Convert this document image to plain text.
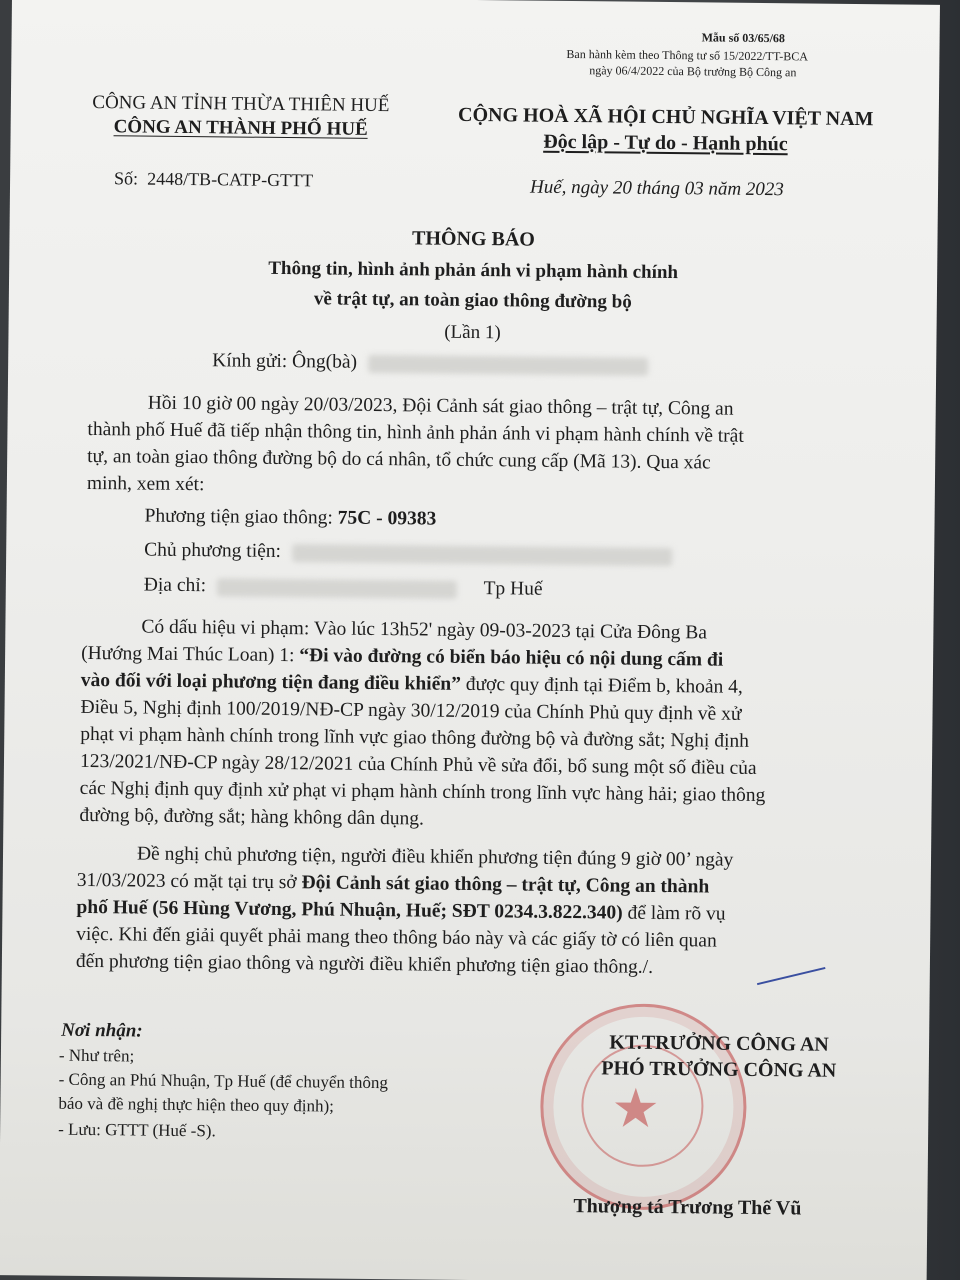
Mẫu số 03/65/68
Ban hành kèm theo Thông tư số 15/2022/TT-BCA
ngày 06/4/2022 của Bộ trưởng Bộ Công an
CÔNG AN TỈNH THỪA THIÊN HUẾ
CÔNG AN THÀNH PHỐ HUẾ
Số: 2448/TB-CATP-GTTT
CỘNG HOÀ XÃ HỘI CHỦ NGHĨA VIỆT NAM
Độc lập - Tự do - Hạnh phúc
Huế, ngày 20 tháng 03 năm 2023
THÔNG BÁO
Thông tin, hình ảnh phản ánh vi phạm hành chính
về trật tự, an toàn giao thông đường bộ
(Lần 1)
Kính gửi: Ông(bà)
Hồi 10 giờ 00 ngày 20/03/2023, Đội Cảnh sát giao thông – trật tự, Công an
thành phố Huế đã tiếp nhận thông tin, hình ảnh phản ánh vi phạm hành chính về trật
tự, an toàn giao thông đường bộ do cá nhân, tổ chức cung cấp (Mã 13). Qua xác
minh, xem xét:
Phương tiện giao thông: 75C - 09383
Chủ phương tiện:
Địa chỉ:	Tp Huế
Có dấu hiệu vi phạm: Vào lúc 13h52' ngày 09-03-2023 tại Cửa Đông Ba
(Hướng Mai Thúc Loan) 1: “Đi vào đường có biển báo hiệu có nội dung cấm đi
vào đối với loại phương tiện đang điều khiển” được quy định tại Điểm b, khoản 4,
Điều 5, Nghị định 100/2019/NĐ-CP ngày 30/12/2019 của Chính Phủ quy định về xử
phạt vi phạm hành chính trong lĩnh vực giao thông đường bộ và đường sắt; Nghị định
123/2021/NĐ-CP ngày 28/12/2021 của Chính Phủ về sửa đổi, bổ sung một số điều của
các Nghị định quy định xử phạt vi phạm hành chính trong lĩnh vực hàng hải; giao thông
đường bộ, đường sắt; hàng không dân dụng.
Đề nghị chủ phương tiện, người điều khiển phương tiện đúng 9 giờ 00’ ngày
31/03/2023 có mặt tại trụ sở Đội Cảnh sát giao thông – trật tự, Công an thành
phố Huế (56 Hùng Vương, Phú Nhuận, Huế; SĐT 0234.3.822.340) để làm rõ vụ
việc. Khi đến giải quyết phải mang theo thông báo này và các giấy tờ có liên quan
đến phương tiện giao thông và người điều khiển phương tiện giao thông./.
Nơi nhận:
- Như trên;
- Công an Phú Nhuận, Tp Huế (để chuyển thông
báo và đề nghị thực hiện theo quy định);
- Lưu: GTTT (Huế -S).	★
KT.TRƯỞNG CÔNG AN
PHÓ TRƯỞNG CÔNG AN
Thượng tá Trương Thế Vũ
